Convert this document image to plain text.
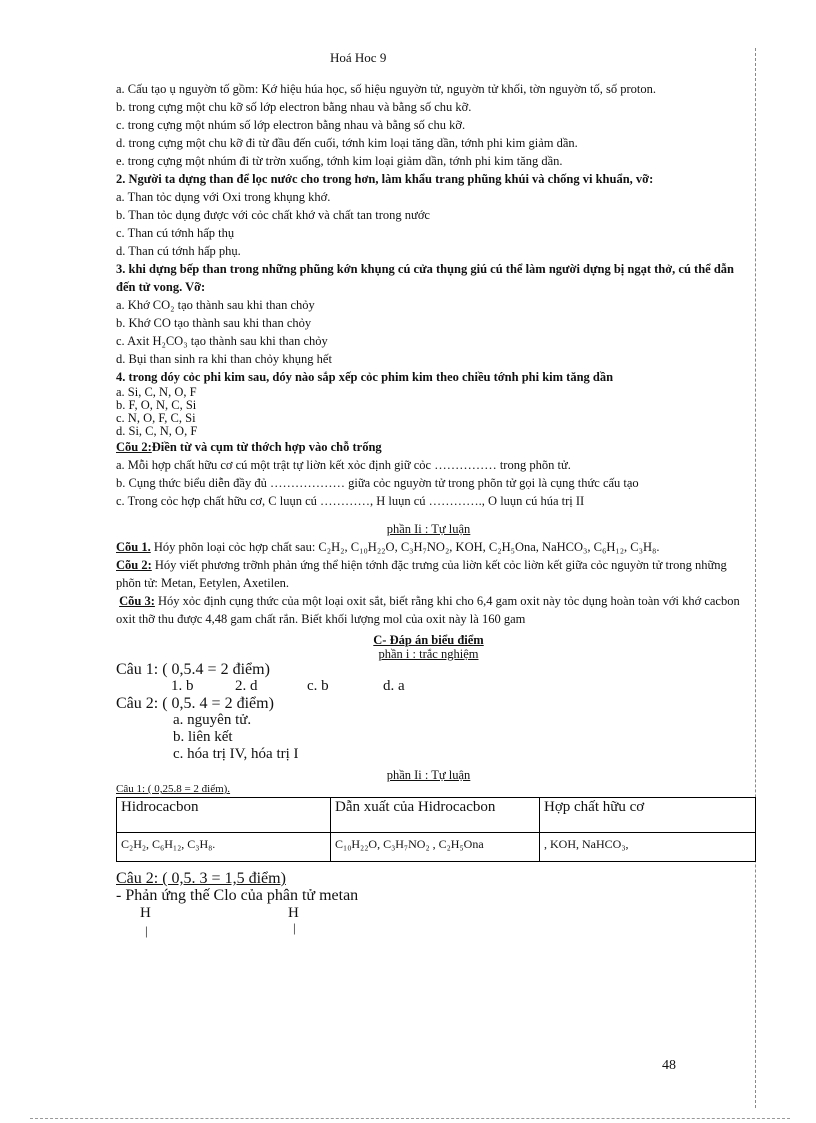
Hoá Hoc 9

a. Cấu tạo ụ nguyờn tố gồm: Kớ hiệu húa học, số hiệu nguyờn tử, nguyờn tử khối, tờn nguyờn tố, số proton.

b. trong cựng một chu kỡ số lớp electron bằng nhau và bằng số chu kỡ.

c. trong cựng một nhúm số lớp electron bằng nhau và bằng số chu kỡ.

d. trong cựng một chu kỡ đi từ đầu đến cuối, tớnh kim loại tăng dần, tớnh phi kim giảm dần.

e. trong cựng một nhúm đi từ trờn xuống, tớnh kim loại giảm dần, tớnh phi kim tăng dần.

2. Người ta dựng than để lọc nước cho trong hơn, làm khẩu trang phũng khúi và chống vi khuẩn, vỡ:

a. Than tỏc dụng với Oxi trong khụng khớ.

b. Than tỏc dụng được với cỏc chất khớ và chất tan trong nước

c. Than cú tớnh hấp thụ

d. Than cú tớnh hấp phụ.

3. khi dựng bếp than trong những phũng kớn khụng cú cửa thụng giú cú thể làm người dựng bị ngạt thở, cú thể dẫn đến tử vong. Vỡ:

a. Khớ CO₂ tạo thành sau khi than chỏy

b. Khớ CO tạo thành sau khi than chỏy

c. Axit H₂CO₃ tạo thành sau khi than chỏy

d. Bụi than sinh ra khi than chỏy khụng hết

4. trong dóy cỏc phi kim sau, dóy nào sắp xếp cỏc phim kim theo chiều tớnh phi kim tăng dần

a. Si, C, N, O, F

b. F, O, N, C, Si

c. N, O, F, C, Si

d. Si, C, N, O, F

Cõu 2:Điền từ và cụm từ thớch hợp vào chỗ trống

a. Mỗi hợp chất hữu cơ cú một trật tự liờn kết xỏc định giữ cỏc …………… trong phõn tử.

b. Cụng thức biểu diễn đầy đủ ……………… giữa cỏc nguyờn tử trong phõn tử gọi là cụng thức cấu tạo

c. Trong cỏc hợp chất hữu cơ, C luụn cú …………, H luụn cú …………., O luụn cú húa trị II

phần Ii : Tự luận

Cõu 1. Hóy phõn loại cỏc hợp chất sau: C₂H₂, C₁₀H₂₂O, C₃H₇NO₂, KOH, C₂H₅Ona, NaHCO₃, C₆H₁₂, C₃H₈.

Cõu 2: Hóy viết phương trỡnh phản ứng thể hiện tớnh đặc trưng của liờn kết cỏc liờn kết giữa cỏc nguyờn tử trong những phõn tử: Metan, Eetylen, Axetilen.

Cõu 3: Hóy xỏc định cụng thức của một loại oxit sắt, biết rằng khi cho 6,4 gam oxit này tỏc dụng hoàn toàn với khớ cacbon oxit thỡ thu được 4,48 gam chất rắn. Biết khối lượng mol của oxit này là 160 gam

C- Đáp án biểu điểm

phần i : trắc nghiệm

Câu 1: ( 0,5.4 = 2 điểm)

1. b	2. d	c. b	d. a

Câu 2: ( 0,5. 4 = 2 điểm)

a. nguyên tử.

b. liên kết

c. hóa trị IV, hóa trị I

phần Ii : Tự luận

Câu 1: ( 0,25.8 = 2 điểm).

Hidrocacbon	Dẫn xuất của Hidrocacbon	Hợp chất hữu cơ
C₂H₂, C₆H₁₂, C₃H₈.	C₁₀H₂₂O, C₃H₇NO₂ , C₂H₅Ona	, KOH, NaHCO₃,

Câu 2: ( 0,5. 3 = 1,5 điểm)

- Phản ứng thế Clo của phân tử metan

H	H
|	|
48
